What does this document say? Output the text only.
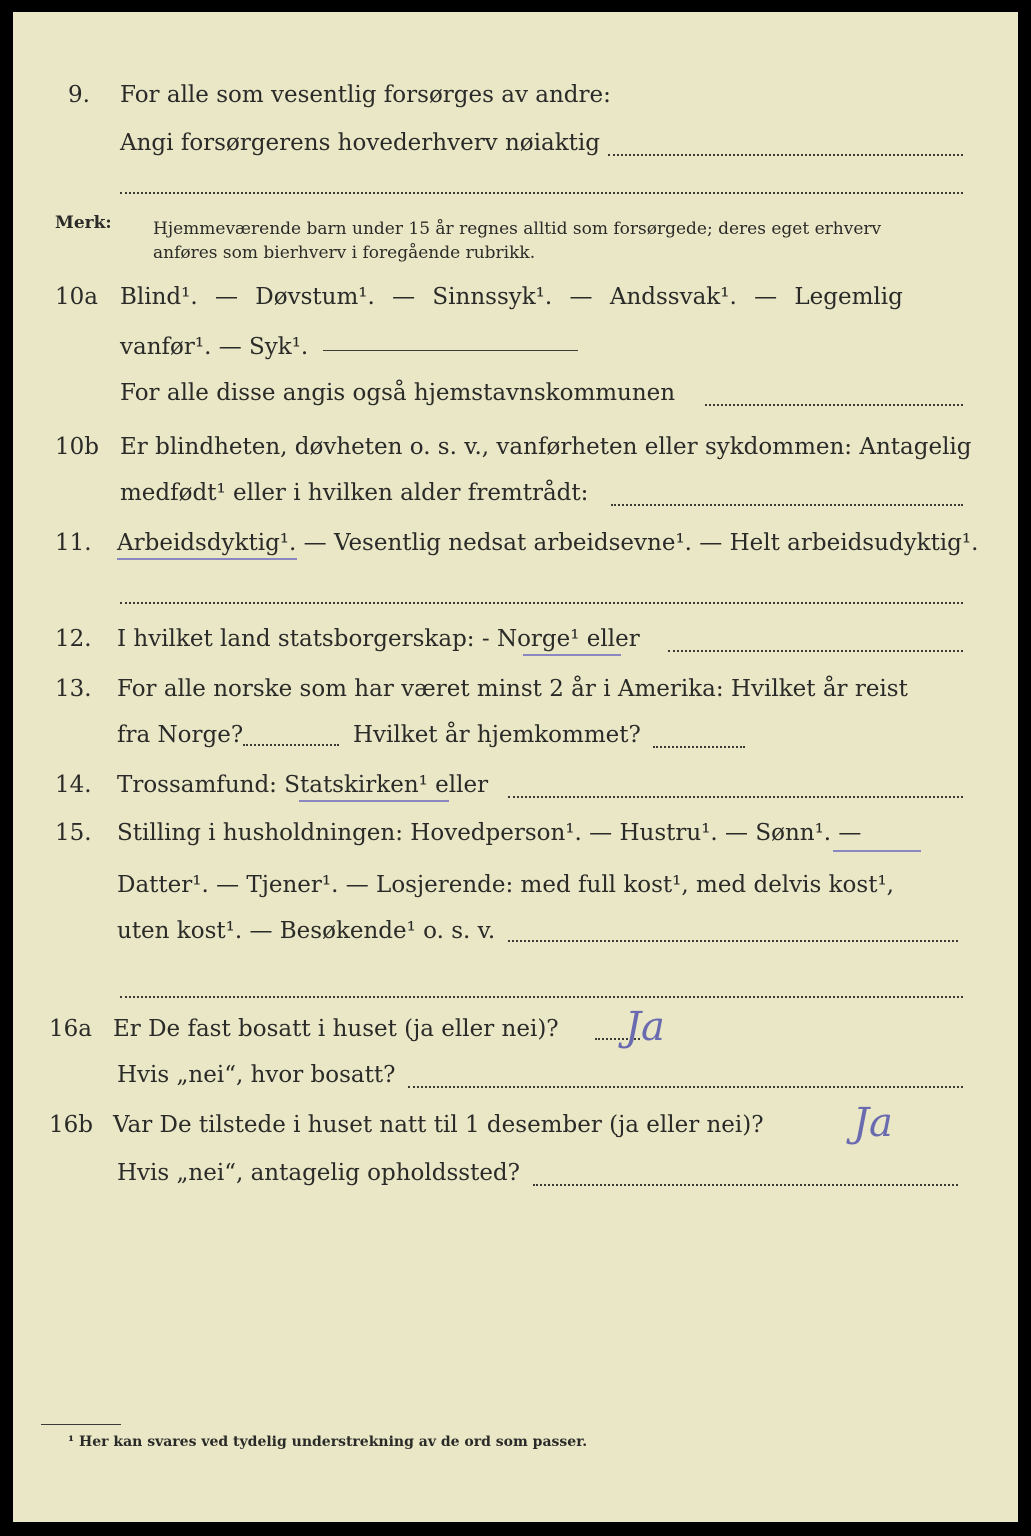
9. For alle som vesentlig forsørges av andre:
Angi forsørgerens hovederhverv nøiaktig
Merk: Hjemmeværende barn under 15 år regnes alltid som forsørgede; deres eget erhverv
anføres som bierhverv i foregående rubrikk.
10a Blind¹. — Døvstum¹. — Sinnssyk¹. — Andssvak¹. — Legemlig
vanfør¹. — Syk¹.
For alle disse angis også hjemstavnskommunen
10b Er blindheten, døvheten o. s. v., vanførheten eller sykdommen: Antagelig
medfødt¹ eller i hvilken alder fremtrådt:
11. Arbeidsdyktig¹. — Vesentlig nedsat arbeidsevne¹. — Helt arbeidsudyktig¹.
12. I hvilket land statsborgerskap: - Norge¹ eller
13. For alle norske som har været minst 2 år i Amerika: Hvilket år reist
fra Norge?	Hvilket år hjemkommet?
14. Trossamfund: Statskirken¹ eller
15. Stilling i husholdningen: Hovedperson¹. — Hustru¹. — Sønn¹. —
Datter¹. — Tjener¹. — Losjerende: med full kost¹, med delvis kost¹,
uten kost¹. — Besøkende¹ o. s. v.
16a Er De fast bosatt i huset (ja eller nei)? Ja
Hvis „nei“, hvor bosatt?
16b Var De tilstede i huset natt til 1 desember (ja eller nei)? Ja
Hvis „nei“, antagelig opholdssted?
¹ Her kan svares ved tydelig understrekning av de ord som passer.
